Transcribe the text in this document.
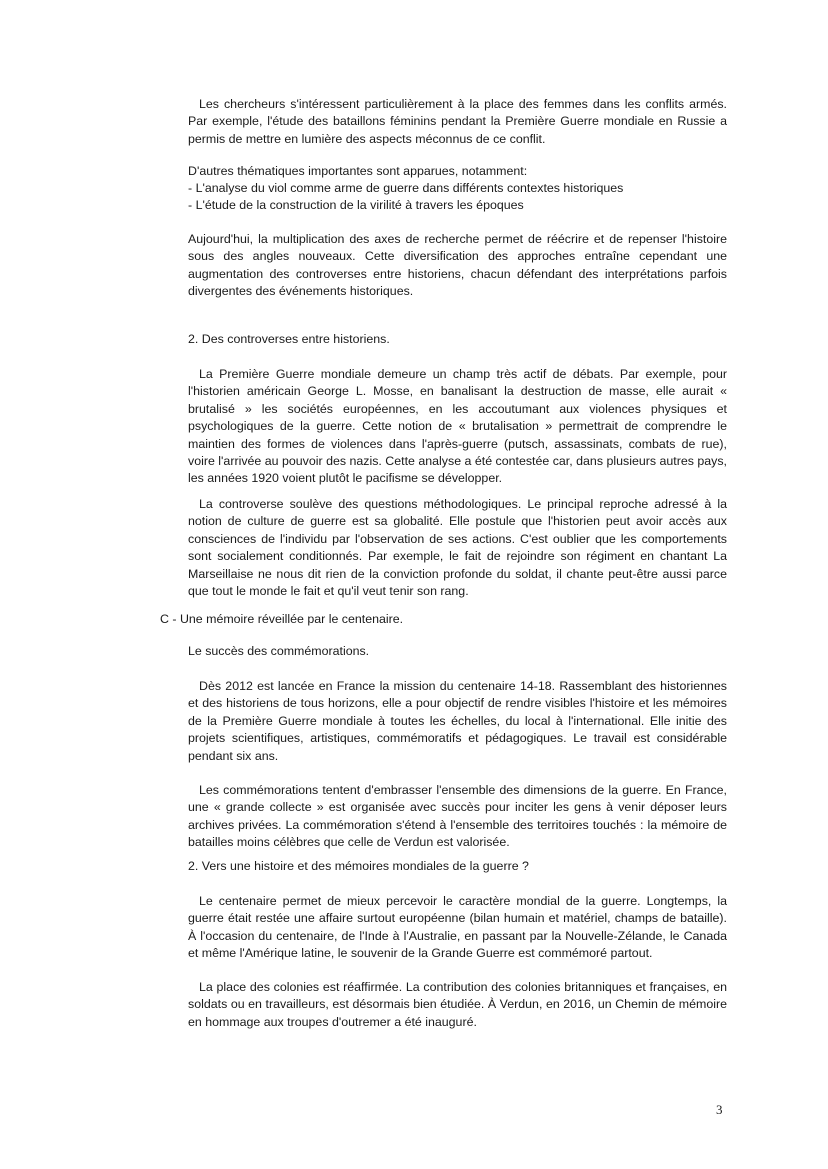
Les chercheurs s'intéressent particulièrement à la place des femmes dans les conflits armés. Par exemple, l'étude des bataillons féminins pendant la Première Guerre mondiale en Russie a permis de mettre en lumière des aspects méconnus de ce conflit.

D'autres thématiques importantes sont apparues, notamment:

- L'analyse du viol comme arme de guerre dans différents contextes historiques

- L'étude de la construction de la virilité à travers les époques

Aujourd'hui, la multiplication des axes de recherche permet de réécrire et de repenser l'histoire sous des angles nouveaux. Cette diversification des approches entraîne cependant une augmentation des controverses entre historiens, chacun défendant des interprétations parfois divergentes des événements historiques.

2. Des controverses entre historiens.

La Première Guerre mondiale demeure un champ très actif de débats. Par exemple, pour l'historien américain George L. Mosse, en banalisant la destruction de masse, elle aurait « brutalisé » les sociétés européennes, en les accoutumant aux violences physiques et psychologiques de la guerre. Cette notion de « brutalisation » permettrait de comprendre le maintien des formes de violences dans l'après-guerre (putsch, assassinats, combats de rue), voire l'arrivée au pouvoir des nazis. Cette analyse a été contestée car, dans plusieurs autres pays, les années 1920 voient plutôt le pacifisme se développer.

La controverse soulève des questions méthodologiques. Le principal reproche adressé à la notion de culture de guerre est sa globalité. Elle postule que l'historien peut avoir accès aux consciences de l'individu par l'observation de ses actions. C'est oublier que les comportements sont socialement conditionnés. Par exemple, le fait de rejoindre son régiment en chantant La Marseillaise ne nous dit rien de la conviction profonde du soldat, il chante peut-être aussi parce que tout le monde le fait et qu'il veut tenir son rang.

C - Une mémoire réveillée par le centenaire.

Le succès des commémorations.

Dès 2012 est lancée en France la mission du centenaire 14-18. Rassemblant des historiennes et des historiens de tous horizons, elle a pour objectif de rendre visibles l'histoire et les mémoires de la Première Guerre mondiale à toutes les échelles, du local à l'international. Elle initie des projets scientifiques, artistiques, commémoratifs et pédagogiques. Le travail est considérable pendant six ans.

Les commémorations tentent d'embrasser l'ensemble des dimensions de la guerre. En France, une « grande collecte » est organisée avec succès pour inciter les gens à venir déposer leurs archives privées. La commémoration s'étend à l'ensemble des territoires touchés : la mémoire de batailles moins célèbres que celle de Verdun est valorisée.

2. Vers une histoire et des mémoires mondiales de la guerre ?

Le centenaire permet de mieux percevoir le caractère mondial de la guerre. Longtemps, la guerre était restée une affaire surtout européenne (bilan humain et matériel, champs de bataille). À l'occasion du centenaire, de l'Inde à l'Australie, en passant par la Nouvelle-Zélande, le Canada et même l'Amérique latine, le souvenir de la Grande Guerre est commémoré partout.

La place des colonies est réaffirmée. La contribution des colonies britanniques et françaises, en soldats ou en travailleurs, est désormais bien étudiée. À Verdun, en 2016, un Chemin de mémoire en hommage aux troupes d'outremer a été inauguré.

3
